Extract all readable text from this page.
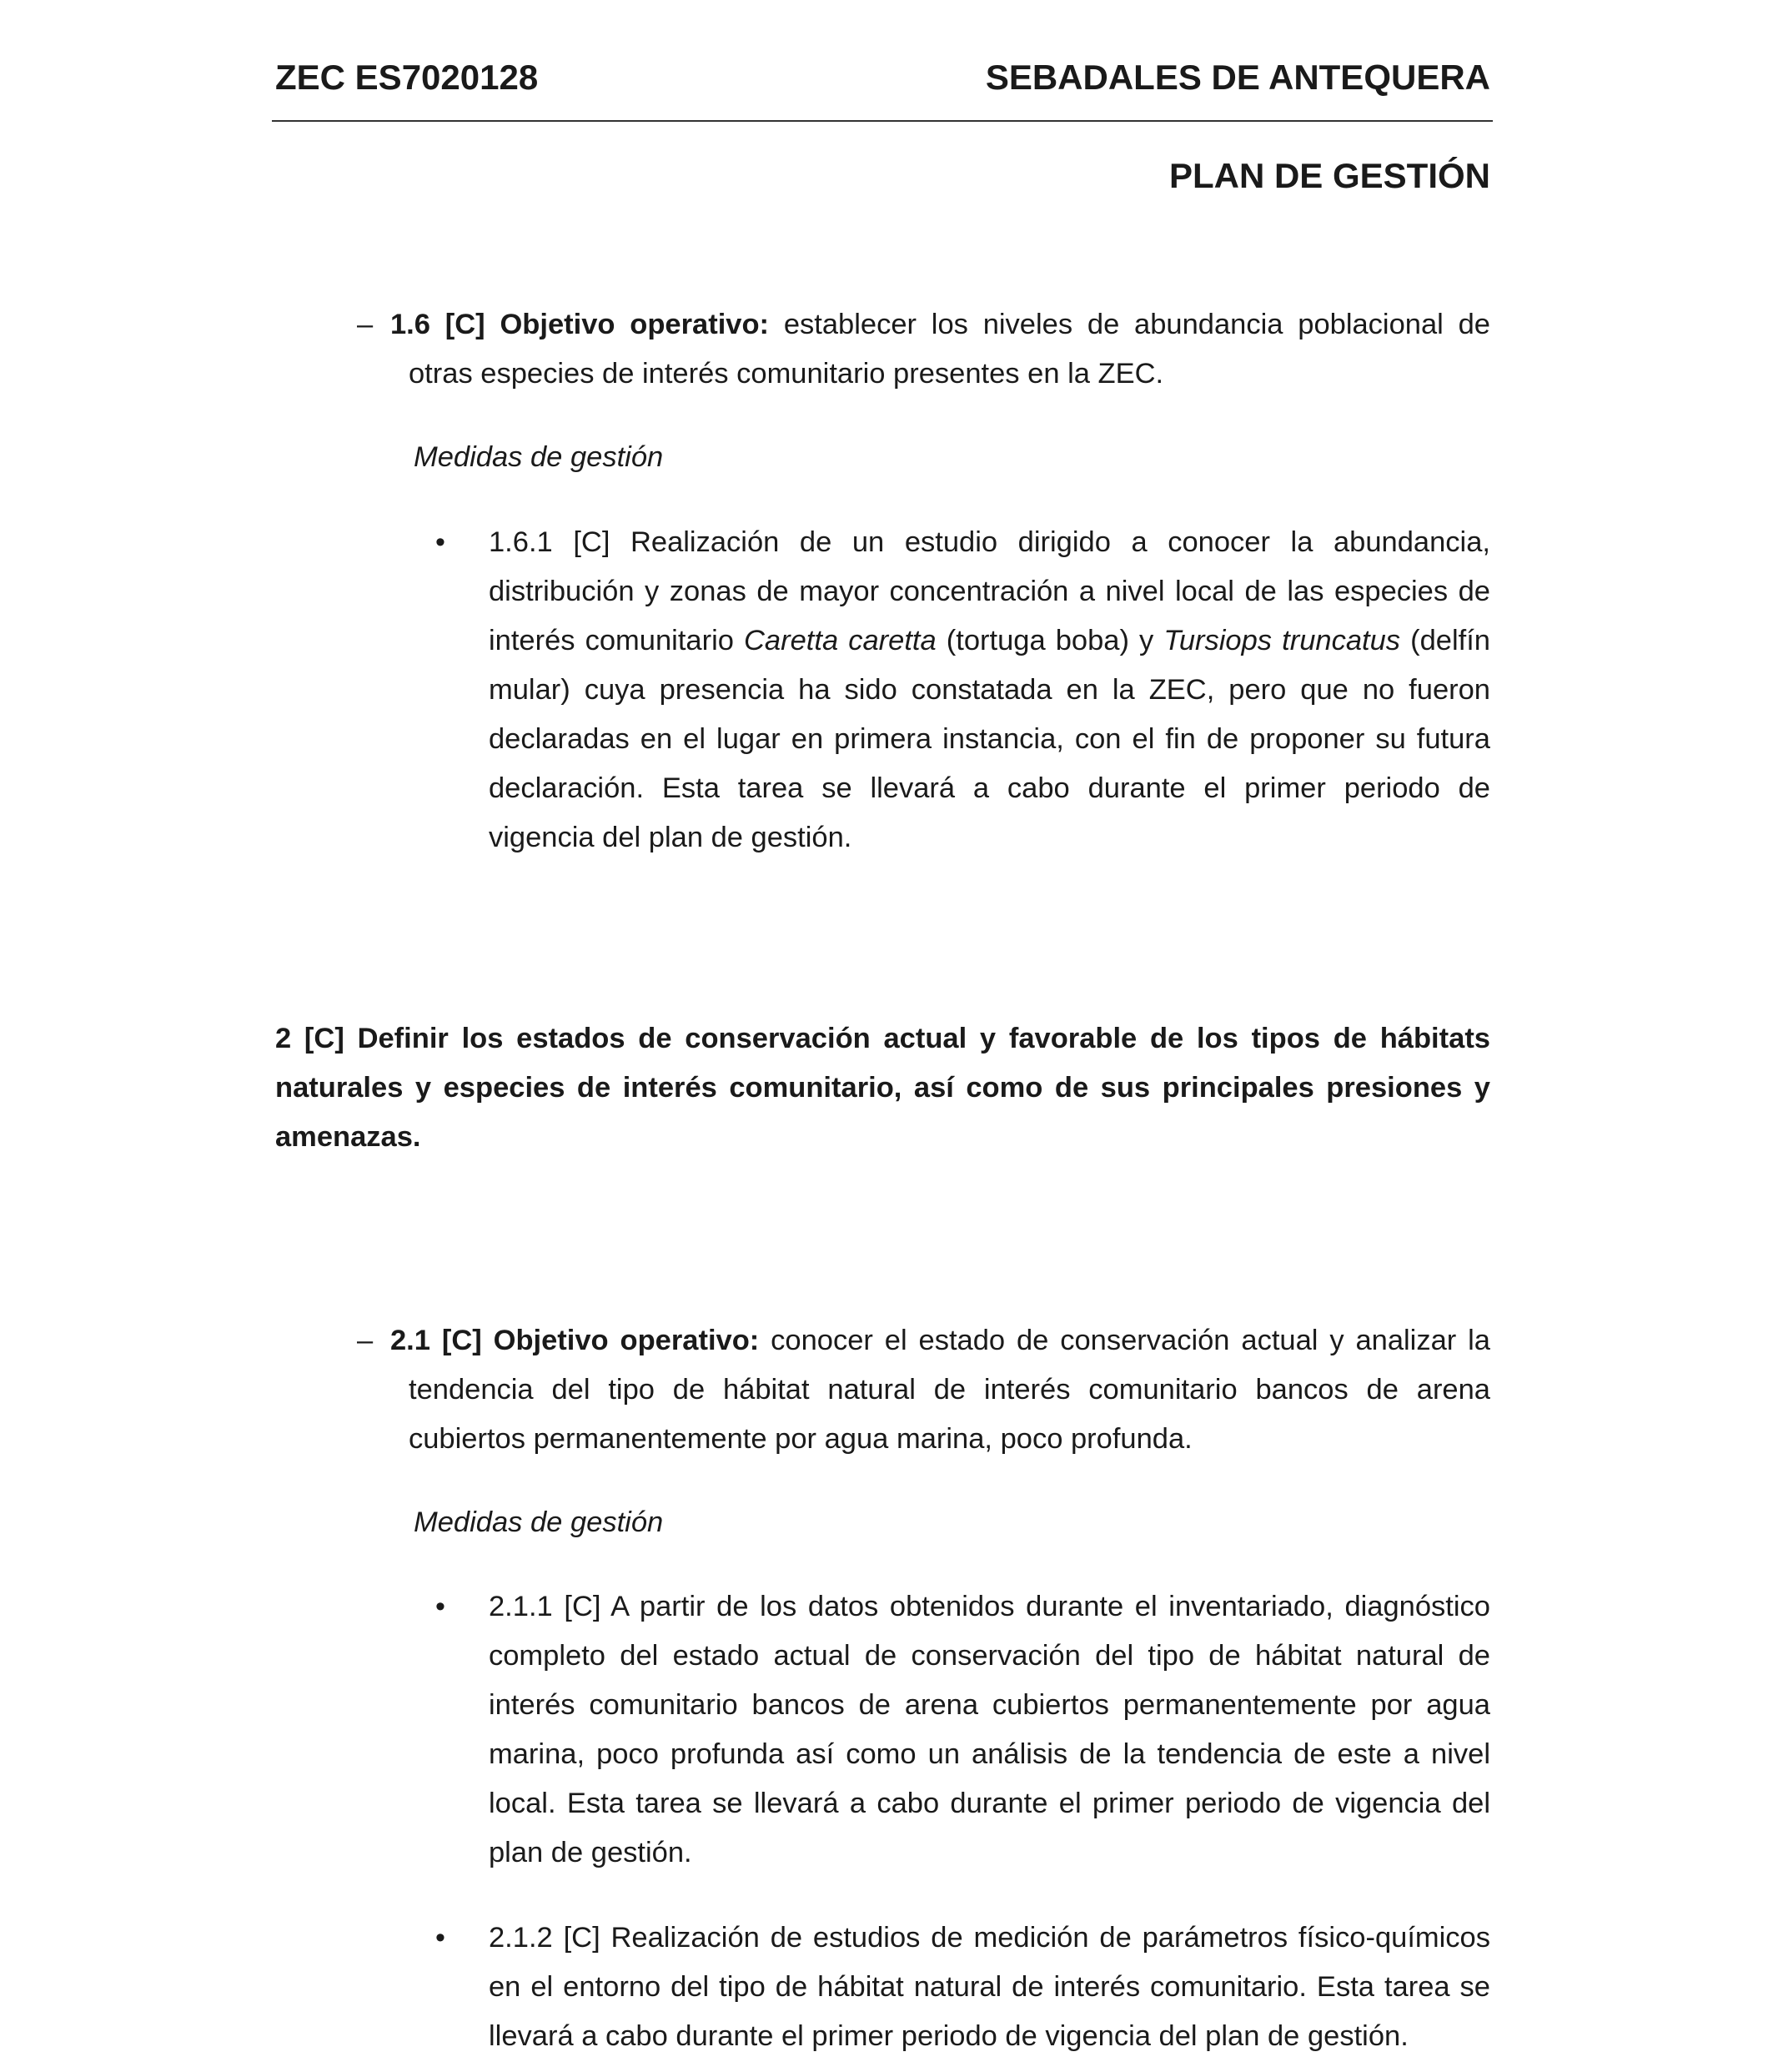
ZEC ES7020128	SEBADALES DE ANTEQUERA
PLAN DE GESTIÓN
– 1.6 [C] Objetivo operativo: establecer los niveles de abundancia poblacional de otras especies de interés comunitario presentes en la ZEC.

Medidas de gestión
• 1.6.1 [C] Realización de un estudio dirigido a conocer la abundancia, distribución y zonas de mayor concentración a nivel local de las especies de interés comunitario Caretta caretta (tortuga boba) y Tursiops truncatus (delfín mular) cuya presencia ha sido constatada en la ZEC, pero que no fueron declaradas en el lugar en primera instancia, con el fin de proponer su futura declaración. Esta tarea se llevará a cabo durante el primer periodo de vigencia del plan de gestión.

2 [C] Definir los estados de conservación actual y favorable de los tipos de hábitats naturales y especies de interés comunitario, así como de sus principales presiones y amenazas.

– 2.1 [C] Objetivo operativo: conocer el estado de conservación actual y analizar la tendencia del tipo de hábitat natural de interés comunitario bancos de arena cubiertos permanentemente por agua marina, poco profunda.

Medidas de gestión
• 2.1.1 [C] A partir de los datos obtenidos durante el inventariado, diagnóstico completo del estado actual de conservación del tipo de hábitat natural de interés comunitario bancos de arena cubiertos permanentemente por agua marina, poco profunda así como un análisis de la tendencia de este a nivel local. Esta tarea se llevará a cabo durante el primer periodo de vigencia del plan de gestión.

• 2.1.2 [C] Realización de estudios de medición de parámetros físico-químicos en el entorno del tipo de hábitat natural de interés comunitario. Esta tarea se llevará a cabo durante el primer periodo de vigencia del plan de gestión.
